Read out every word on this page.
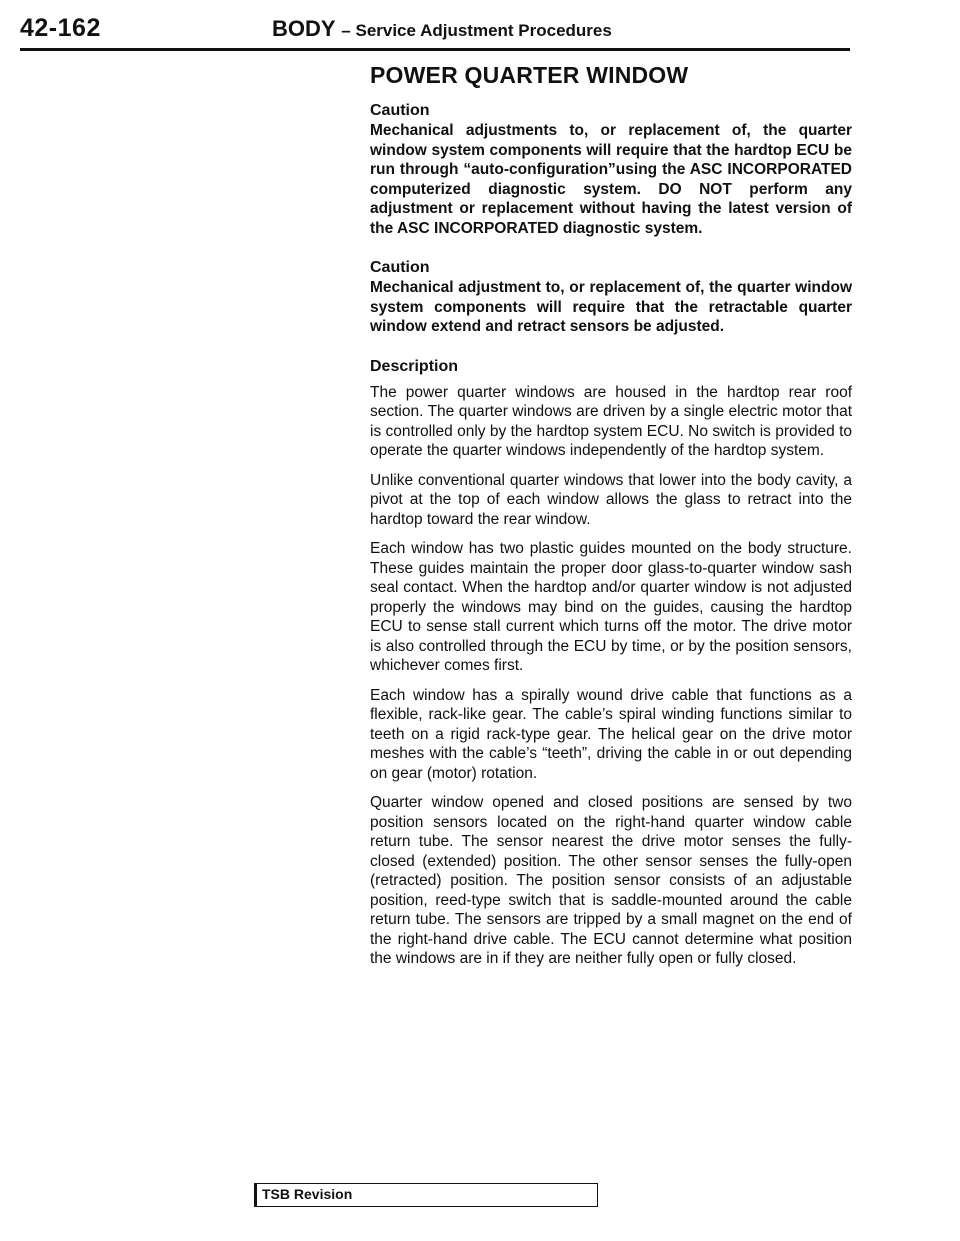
42-162	BODY – Service Adjustment Procedures
POWER QUARTER WINDOW
Caution
Mechanical adjustments to, or replacement of, the quarter window system components will require that the hardtop ECU be run through “auto-configuration”using the ASC INCORPORATED computerized diagnostic system. DO NOT perform any adjustment or replacement without having the latest version of the ASC INCORPORATED diagnostic system.
Caution
Mechanical adjustment to, or replacement of, the quarter window system components will require that the retractable quarter window extend and retract sensors be adjusted.
Description

The power quarter windows are housed in the hardtop rear roof section. The quarter windows are driven by a single electric motor that is controlled only by the hardtop system ECU. No switch is provided to operate the quarter windows independently of the hardtop system.

Unlike conventional quarter windows that lower into the body cavity, a pivot at the top of each window allows the glass to retract into the hardtop toward the rear window.

Each window has two plastic guides mounted on the body structure. These guides maintain the proper door glass-to-quarter window sash seal contact. When the hardtop and/or quarter window is not adjusted properly the windows may bind on the guides, causing the hardtop ECU to sense stall current which turns off the motor. The drive motor is also controlled through the ECU by time, or by the position sensors, whichever comes first.

Each window has a spirally wound drive cable that functions as a flexible, rack-like gear. The cable’s spiral winding functions similar to teeth on a rigid rack-type gear. The helical gear on the drive motor meshes with the cable’s “teeth”, driving the cable in or out depending on gear (motor) rotation.

Quarter window opened and closed positions are sensed by two position sensors located on the right-hand quarter window cable return tube. The sensor nearest the drive motor senses the fully-closed (extended) position. The other sensor senses the fully-open (retracted) position. The position sensor consists of an adjustable position, reed-type switch that is saddle-mounted around the cable return tube. The sensors are tripped by a small magnet on the end of the right-hand drive cable. The ECU cannot determine what position the windows are in if they are neither fully open or fully closed.

TSB Revision
